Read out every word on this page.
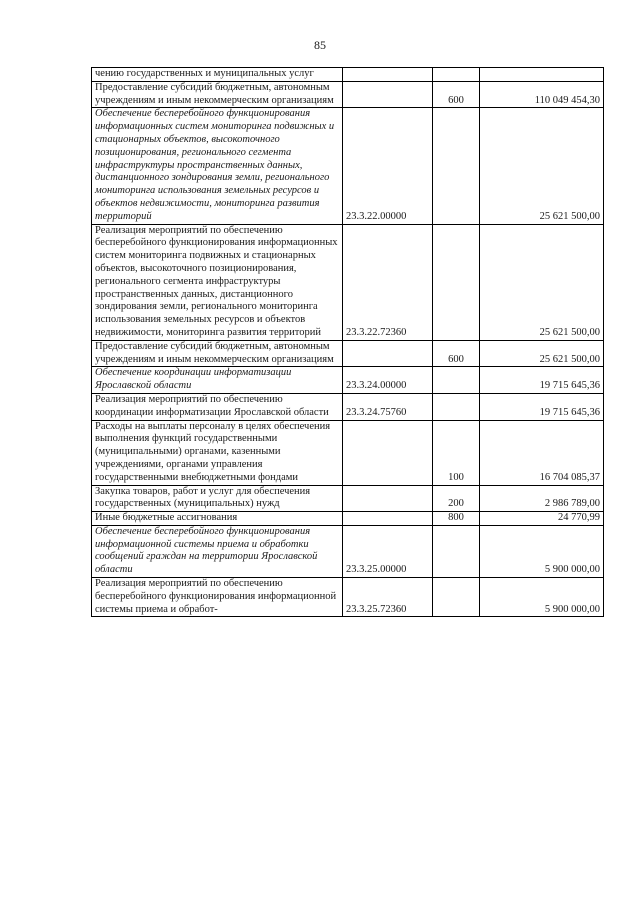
85
чению государственных и муниципальных услуг			
Предоставление субсидий бюджетным, автономным учреждениям и иным некоммерческим организациям		600	110 049 454,30
Обеспечение бесперебойного функционирования информационных систем мониторинга подвижных и стационарных объектов, высокоточного позиционирования, регионального сегмента инфраструктуры пространственных данных, дистанционного зондирования земли, регионального мониторинга использования земельных ресурсов и объектов недвижимости, мониторинга развития территорий	23.3.22.00000		25 621 500,00
Реализация мероприятий по обеспечению бесперебойного функционирования информационных систем мониторинга подвижных и стационарных объектов, высокоточного позиционирования, регионального сегмента инфраструктуры пространственных данных, дистанционного зондирования земли, регионального мониторинга использования земельных ресурсов и объектов недвижимости, мониторинга развития территорий	23.3.22.72360		25 621 500,00
Предоставление субсидий бюджетным, автономным учреждениям и иным некоммерческим организациям		600	25 621 500,00
Обеспечение координации информатизации Ярославской области	23.3.24.00000		19 715 645,36
Реализация мероприятий по обеспечению координации информатизации Ярославской области	23.3.24.75760		19 715 645,36
Расходы на выплаты персоналу в целях обеспечения выполнения функций государственными (муниципальными) органами, казенными учреждениями, органами управления государственными внебюджетными фондами		100	16 704 085,37
Закупка товаров, работ и услуг для обеспечения государственных (муниципальных) нужд		200	2 986 789,00
Иные бюджетные ассигнования		800	24 770,99
Обеспечение бесперебойного функционирования информационной системы приема и обработки сообщений граждан на территории Ярославской области	23.3.25.00000		5 900 000,00
Реализация мероприятий по обеспечению бесперебойного функционирования информационной системы приема и обработ-	23.3.25.72360		5 900 000,00
